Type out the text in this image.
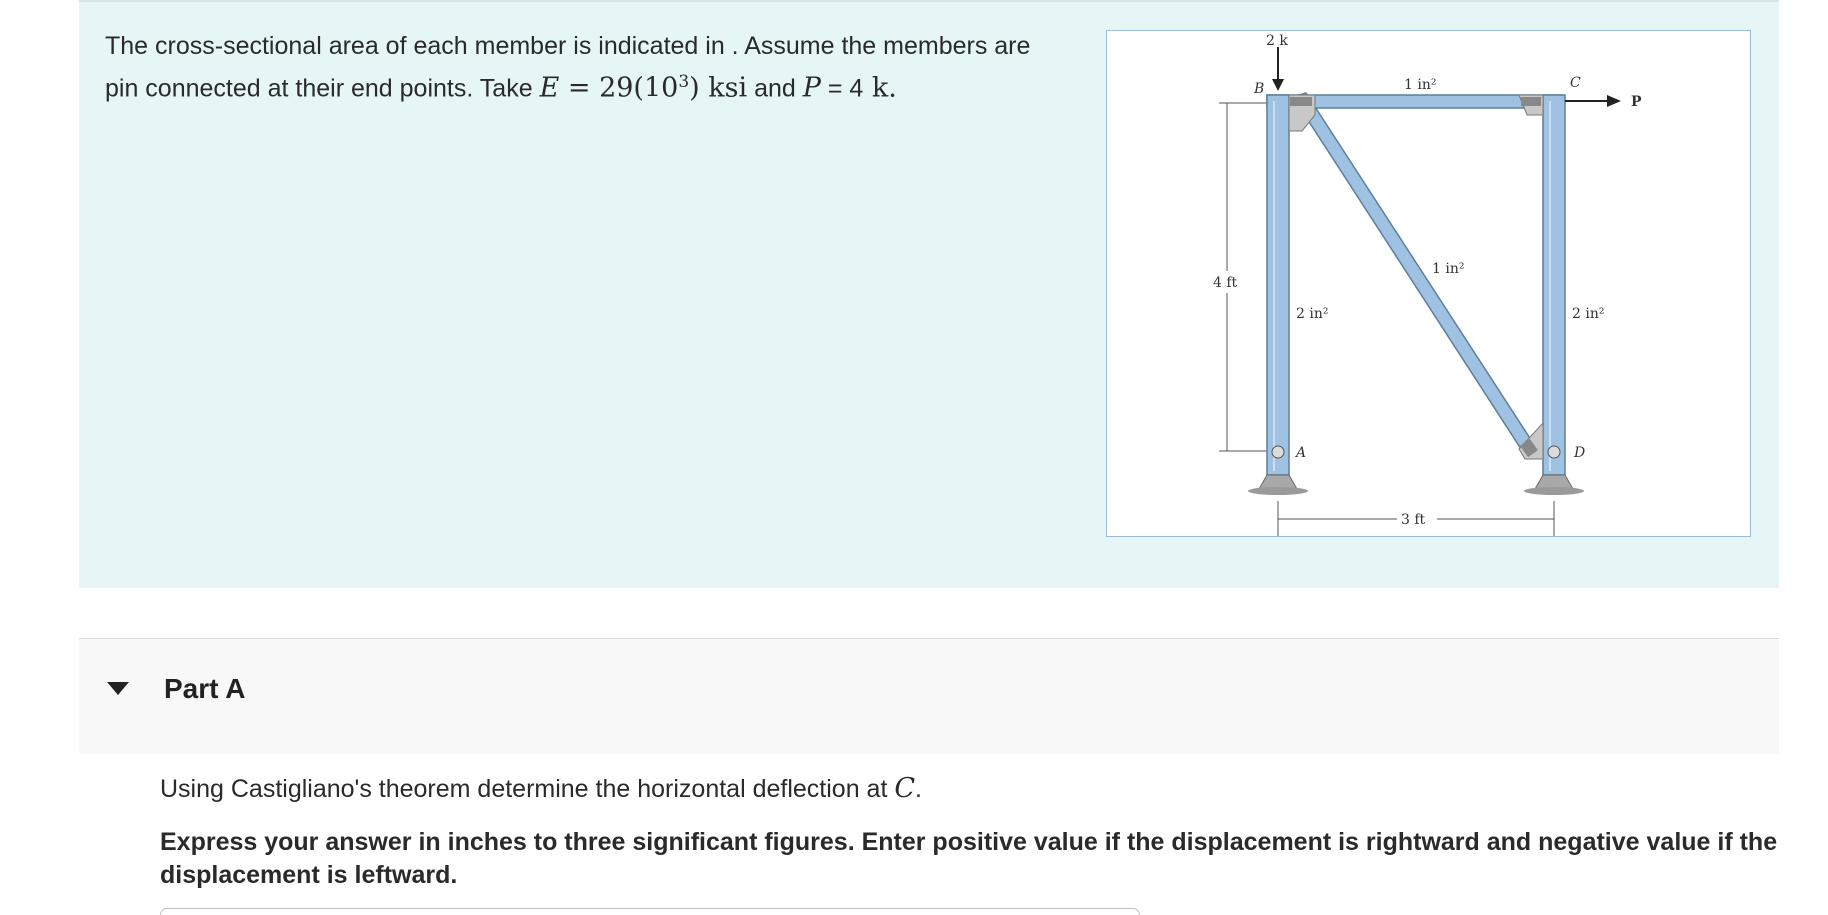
The cross-sectional area of each member is indicated in . Assume the members are
pin connected at their end points. Take $E = 29(10^3)$ ksi and P = 4 k.
4 ft
2 k
P
B	C
A	D
1 in²
1 in²
2 in²	2 in²
3 ft
Part A
Using Castigliano's theorem determine the horizontal deflection at C.
Express your answer in inches to three significant figures. Enter positive value if the displacement is rightward and negative value if the displacement is leftward.
